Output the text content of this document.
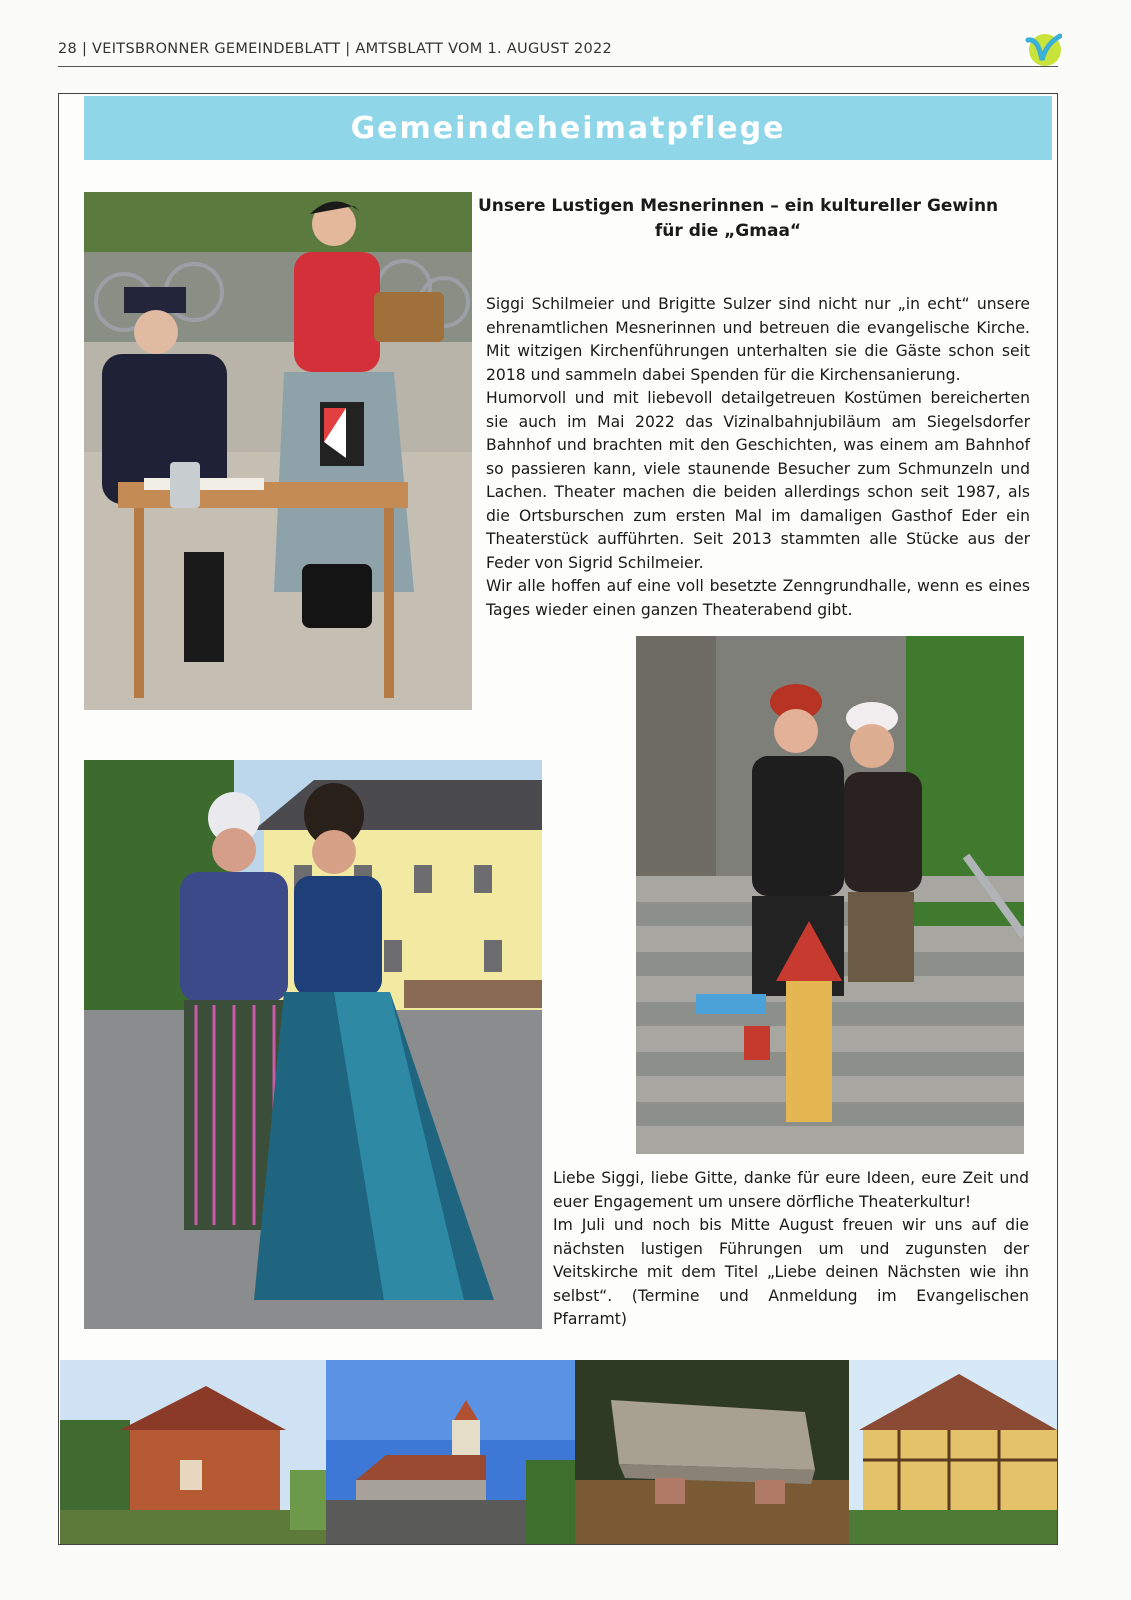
28 | VEITSBRONNER GEMEINDEBLATT | AMTSBLATT VOM 1. AUGUST 2022
Gemeindeheimatpflege
Unsere Lustigen Mesnerinnen – ein kultureller Gewinn
für die „Gmaa“

Siggi Schilmeier und Brigitte Sulzer sind nicht nur „in echt“ unsere ehrenamtlichen Mesnerinnen und betreuen die evangelische Kirche. Mit witzigen Kirchenführungen unterhalten sie die Gäste schon seit 2018 und sammeln dabei Spenden für die Kirchensanierung.

Humorvoll und mit liebevoll detailgetreuen Kostümen bereicherten sie auch im Mai 2022 das Vizinalbahnjubiläum am Siegelsdorfer Bahnhof und brachten mit den Geschichten, was einem am Bahnhof so passieren kann, viele staunende Besucher zum Schmunzeln und Lachen. Theater machen die beiden allerdings schon seit 1987, als die Ortsburschen zum ersten Mal im damaligen Gasthof Eder ein Theaterstück aufführten. Seit 2013 stammten alle Stücke aus der Feder von Sigrid Schilmeier.

Wir alle hoffen auf eine voll besetzte Zenngrundhalle, wenn es eines Tages wieder einen ganzen Theaterabend gibt.

Liebe Siggi, liebe Gitte, danke für eure Ideen, eure Zeit und euer Engagement um unsere dörfliche Theaterkultur!

Im Juli und noch bis Mitte August freuen wir uns auf die nächsten lustigen Führungen um und zugunsten der Veitskirche mit dem Titel „Liebe deinen Nächsten wie ihn selbst“. (Termine und Anmeldung im Evangelischen Pfarramt)
